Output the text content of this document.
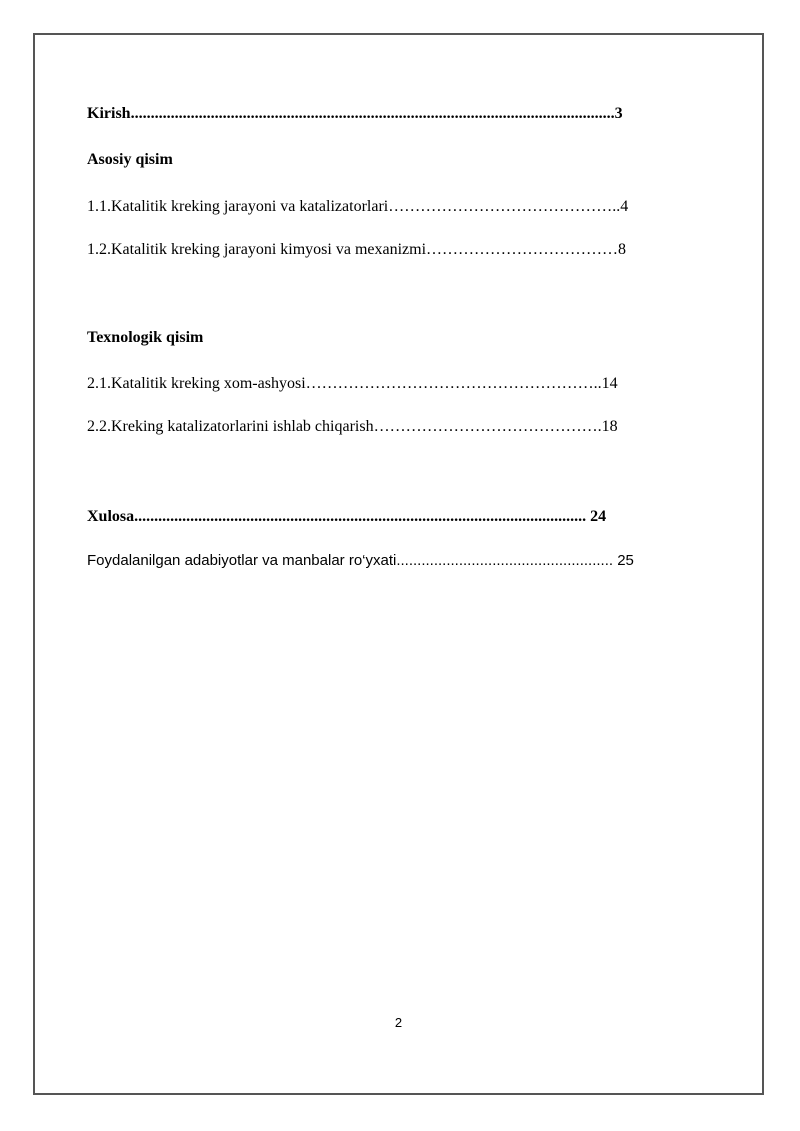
Kirish.........................................................................................................................3
Asosiy qisim
1.1.Katalitik kreking jarayoni va katalizatorlari……………………………………..4
1.2.Katalitik kreking jarayoni kimyosi va mexanizmi………………………………8
Texnologik qisim
2.1.Katalitik kreking xom-ashyosi………………………………………………..14
2.2.Kreking katalizatorlarini ishlab chiqarish…………………………………….18
Xulosa................................................................................................................. 24
Foydalanilgan adabiyotlar va manbalar ro‘yxati.................................................... 25
2
